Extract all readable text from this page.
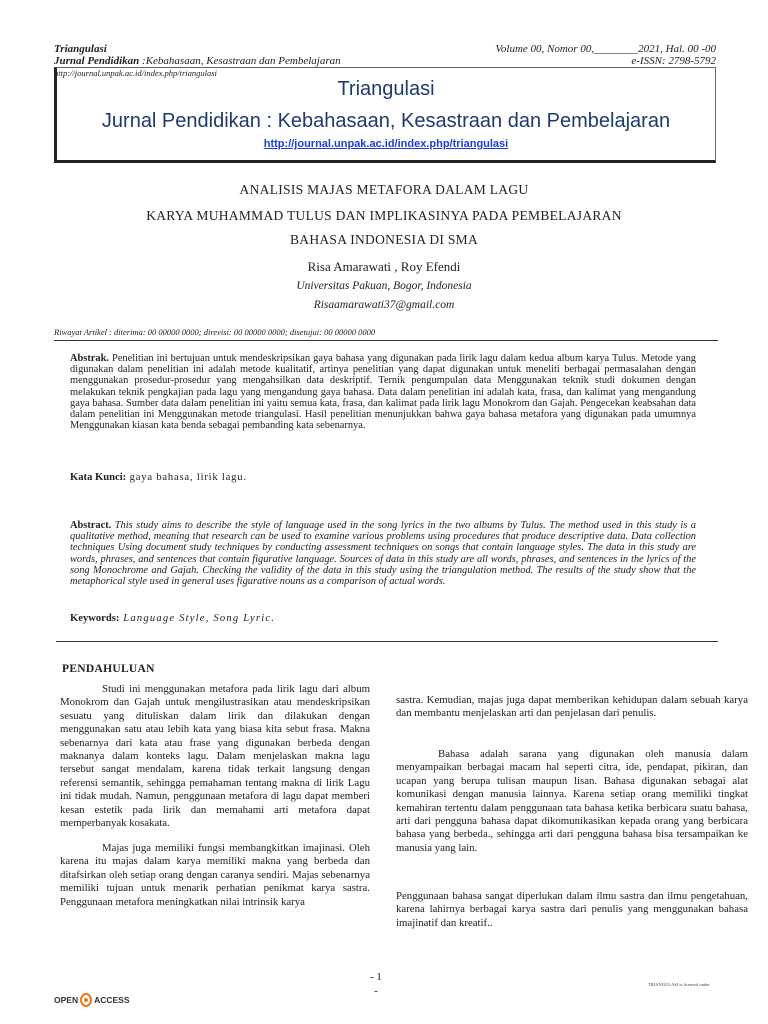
Triangulasi
Jurnal Pendidikan :Kebahasaan, Kesastraan dan Pembelajaran
http://journal.unpak.ac.id/index.php/triangulasi
Volume 00, Nomor 00,________2021, Hal. 00 -00
e-ISSN: 2798-5792
Triangulasi
Jurnal Pendidikan : Kebahasaan, Kesastraan dan Pembelajaran
http://journal.unpak.ac.id/index.php/triangulasi
ANALISIS MAJAS METAFORA DALAM LAGU
KARYA MUHAMMAD TULUS DAN IMPLIKASINYA PADA PEMBELAJARAN
BAHASA INDONESIA DI SMA
Risa Amarawati , Roy Efendi
Universitas Pakuan, Bogor, Indonesia
Risaamarawati37@gmail.com
Riwayat Artikel : diterima: 00 00000 0000; direvisi: 00 00000 0000; disetujui: 00 00000 0000
Abstrak. Penelitian ini bertujuan untuk mendeskripsikan gaya bahasa yang digunakan pada lirik lagu dalam kedua album karya Tulus. Metode yang digunakan dalam penelitian ini adalah metode kualitatif, artinya penelitian yang dapat digunakan untuk meneliti berbagai permasalahan dengan menggunakan prosedur-prosedur yang mengahsilkan data deskriptif. Ternik pengumpulan data Menggunakan teknik studi dokumen dengan melakukan teknik pengkajian pada lagu yang mengandung gaya bahasa. Data dalam penelitian ini adalah kata, frasa, dan kalimat yang mengandung gaya bahasa. Sumber data dalam penelitian ini yaitu semua kata, frasa, dan kalimat pada lirik lagu Monokrom dan Gajah. Pengecekan keabsahan data dalam penelitian ini Menggunakan metode triangulasi. Hasil penelitian menunjukkan bahwa gaya bahasa metafora yang digunakan pada umumnya Menggunakan kiasan kata benda sebagai pembanding kata sebenarnya.
Kata Kunci: gaya bahasa, lirik lagu.
Abstract. This study aims to describe the style of language used in the song lyrics in the two albums by Tulus. The method used in this study is a qualitative method, meaning that research can be used to examine various problems using procedures that produce descriptive data. Data collection techniques Using document study techniques by conducting assessment techniques on songs that contain language styles. The data in this study are words, phrases, and sentences that contain figurative language. Sources of data in this study are all words, phrases, and sentences in the lyrics of the song Monochrome and Gajah. Checking the validity of the data in this study using the triangulation method. The results of the study show that the metaphorical style used in general uses figurative nouns as a comparison of actual words.
Keywords: Language Style, Song Lyric.
PENDAHULUAN

Studi ini menggunakan metafora pada lirik lagu dari album Monokrom dan Gajah untuk mengilustrasikan atau mendeskripsikan sesuatu yang dituliskan dalam lirik dan dilakukan dengan menggunakan satu atau lebih kata yang biasa kita sebut frasa. Makna sebenarnya dari kata atau frase yang digunakan berbeda dengan maknanya dalam konteks lagu. Dalam menjelaskan makna lagu tersebut sangat mendalam, karena tidak terkait langsung dengan referensi semantik, sehingga pemahaman tentang makna di lirik Lagu ini tidak mudah. Namun, penggunaan metafora di lagu dapat memberi kesan estetik pada lirik dan memahami arti metafora dapat memperbanyak kosakata.

Majas juga memiliki fungsi membangkitkan imajinasi. Oleh karena itu majas dalam karya memiliki makna yang berbeda dan ditafsirkan oleh setiap orang dengan caranya sendiri. Majas sebenarnya memiliki tujuan untuk menarik perhatian penikmat karya sastra. Penggunaan metafora meningkatkan nilai intrinsik karya

sastra. Kemudian, majas juga dapat memberikan kehidupan dalam sebuah karya dan membantu menjelaskan arti dan penjelasan dari penulis.

Bahasa adalah sarana yang digunakan oleh manusia dalam menyampaikan berbagai macam hal seperti citra, ide, pendapat, pikiran, dan ucapan yang berupa tulisan maupun lisan. Bahasa digunakan sebagai alat komunikasi dengan manusia lainnya. Karena setiap orang memiliki tingkat kemahiran tertentu dalam penggunaan tata bahasa ketika berbicara suatu bahasa, arti dari pengguna bahasa dapat dikomunikasikan kepada orang yang berbicara bahasa yang berbeda., sehingga arti dari pengguna bahasa bisa tersampaikan ke manusia yang lain.

Penggunaan bahasa sangat diperlukan dalam ilmu sastra dan ilmu pengetahuan, karena lahirnya berbagai karya sastra dari penulis yang menggunakan bahasa imajinatif dan kreatif..

- 1
-
OPEN ACCESS
TRIANGULASI is licensed under
